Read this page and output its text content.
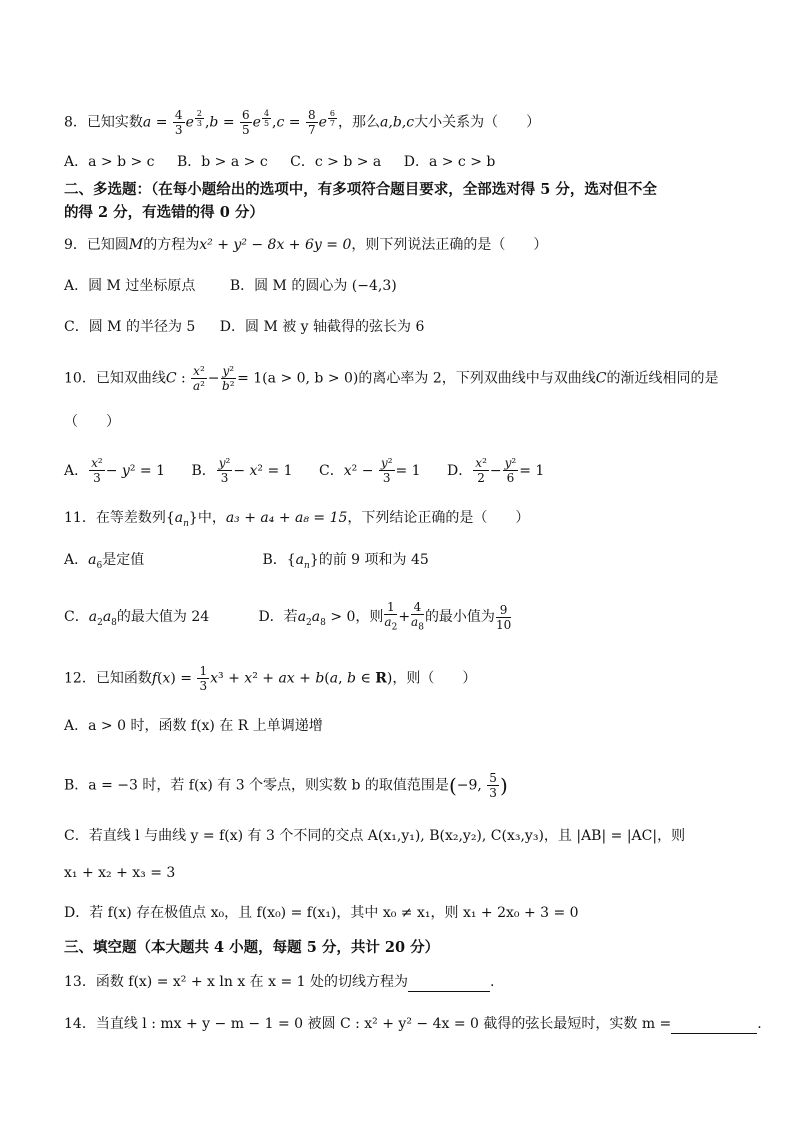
8．已知实数$a = \frac{4}{3}$ e $^{\frac{2}{3}}$ $,b = \frac{6}{5}$ e $^{\frac{4}{5}}$ $,c = \frac{8}{7}$ e $^{\frac{6}{7}}$ ，那么a,b,c大小关系为（　　）
A．a > b > c B．b > a > c C．c > b > a D．a > c > b
二、多选题：（在每小题给出的选项中，有多项符合题目要求，全部选对得 5 分，选对但不全
的得 2 分，有选错的得 0 分）
9．已知圆M的方程为x² + y² − 8x + 6y = 0，则下列说法正确的是（　　）
A．圆 M 过坐标原点 B．圆 M 的圆心为 (−4,3)
C．圆 M 的半径为 5 D．圆 M 被 y 轴截得的弦长为 6
10．已知双曲线C : $\frac{\text{x²}}{\text{a²}} - \frac{\text{y²}}{\text{b²}} = 1(a > 0$, b > 0)的离心率为 2，下列双曲线中与双曲线C的渐近线相同的是
（　　）
A． $\frac{\text{x²}}{3} - y^2 = 1$ B． $\frac{\text{y²}}{3} - x^2 = 1$ C．$x^2 - \frac{\text{y²}}{3} = 1$ D． $\frac{\text{x²}}{2} - \frac{\text{y²}}{6} = 1$
11．在等差数列$\{a_n\}$中，a₃ + a₄ + a₈ = 15，下列结论正确的是（　　）
A．$a_6$是定值	B．$\{a_n\}$的前 9 项和为 45
C．$a_2a_8$的最大值为 24	D．若$a_2a_8 > 0$，则 $\frac{1}{a_2} + \frac{4}{a_8}$ 的最小值为 $\frac{9}{10}$
12．已知函数$f(x) = \frac{1}{3} x^3 + x^2$ + ax + b(a, b ∈ R)，则（　　）
A．a > 0 时，函数 f(x) 在 R 上单调递增
B．a = −3 时，若 f(x) 有 3 个零点，则实数 b 的取值范围是(−9, $\frac{5}{3}$ )
C．若直线 l 与曲线 y = f(x) 有 3 个不同的交点 A(x₁,y₁), B(x₂,y₂), C(x₃,y₃)，且 |AB| = |AC|，则
x₁ + x₂ + x₃ = 3
D．若 f(x) 存在极值点 x₀，且 f(x₀) = f(x₁)，其中 x₀ ≠ x₁，则 x₁ + 2x₀ + 3 = 0
三、填空题（本大题共 4 小题，每题 5 分，共计 20 分）
13．函数 f(x) = x² + x ln x 在 x = 1 处的切线方程为	.
14．当直线 l : mx + y − m − 1 = 0 被圆 C : x² + y² − 4x = 0 截得的弦长最短时，实数 m =	.
